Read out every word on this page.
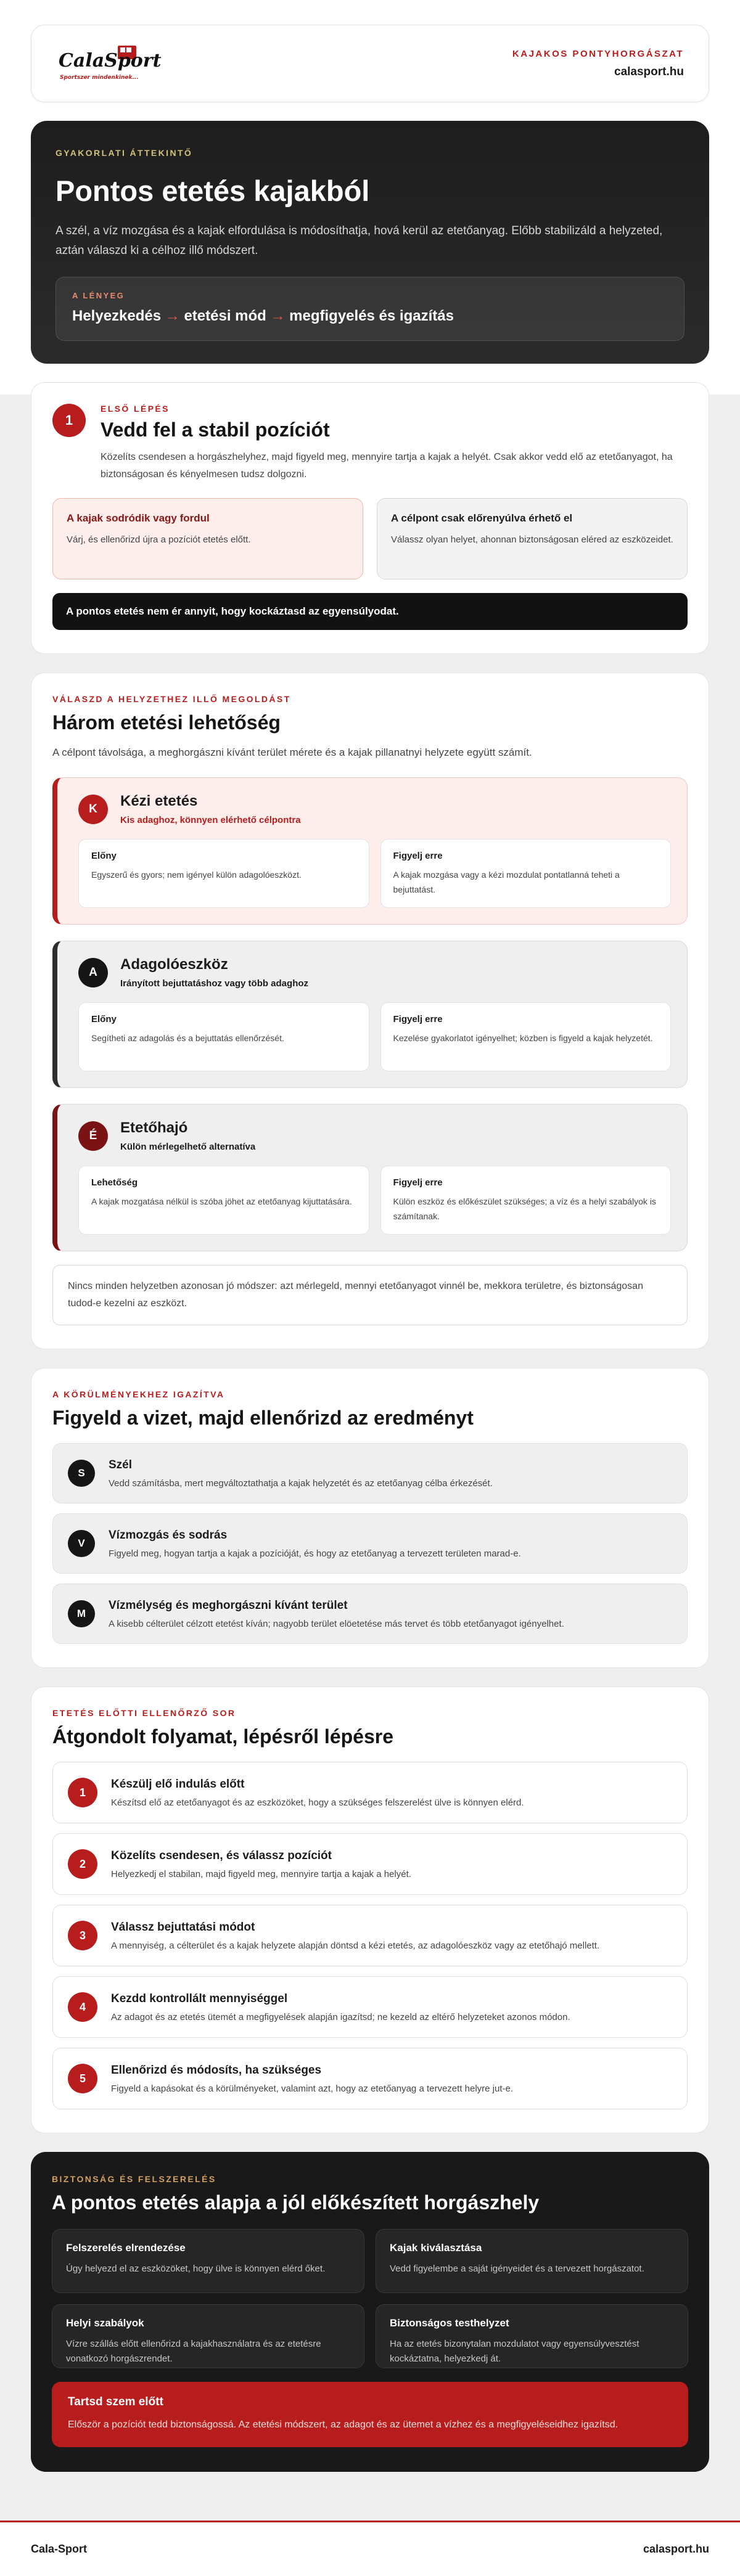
CalaSport
Sportszer mindenkinek...
KAJAKOS PONTYHORGÁSZAT
calasport.hu
GYAKORLATI ÁTTEKINTŐ
Pontos etetés kajakból

A szél, a víz mozgása és a kajak elfordulása is módosíthatja, hová kerül az etetőanyag. Előbb stabilizáld a helyzeted, aztán válaszd ki a célhoz illő módszert.

A LÉNYEG
Helyezkedés → etetési mód → megfigyelés és igazítás
1
ELSŐ LÉPÉS
Vedd fel a stabil pozíciót

Közelíts csendesen a horgászhelyhez, majd figyeld meg, mennyire tartja a kajak a helyét. Csak akkor vedd elő az etetőanyagot, ha biztonságosan és kényelmesen tudsz dolgozni.

A kajak sodródik vagy fordul

Várj, és ellenőrizd újra a pozíciót etetés előtt.

A célpont csak előrenyúlva érhető el

Válassz olyan helyet, ahonnan biztonságosan eléred az eszközeidet.

A pontos etetés nem ér annyit, hogy kockáztasd az egyensúlyodat.
VÁLASZD A HELYZETHEZ ILLŐ MEGOLDÁST
Három etetési lehetőség

A célpont távolsága, a meghorgászni kívánt terület mérete és a kajak pillanatnyi helyzete együtt számít.

K	Kézi etetés
Kis adaghoz, könnyen elérhető célpontra
Előny

Egyszerű és gyors; nem igényel külön adagolóeszközt.

Figyelj erre

A kajak mozgása vagy a kézi mozdulat pontatlanná teheti a bejuttatást.

A	Adagolóeszköz
Irányított bejuttatáshoz vagy több adaghoz
Előny

Segítheti az adagolás és a bejuttatás ellenőrzését.

Figyelj erre

Kezelése gyakorlatot igényelhet; közben is figyeld a kajak helyzetét.

É	Etetőhajó
Külön mérlegelhető alternatíva
Lehetőség

A kajak mozgatása nélkül is szóba jöhet az etetőanyag kijuttatására.

Figyelj erre

Külön eszköz és előkészület szükséges; a víz és a helyi szabályok is számítanak.

Nincs minden helyzetben azonosan jó módszer: azt mérlegeld, mennyi etetőanyagot vinnél be, mekkora területre, és biztonságosan tudod-e kezelni az eszközt.
A KÖRÜLMÉNYEKHEZ IGAZÍTVA
Figyeld a vizet, majd ellenőrizd az eredményt
S
Szél

Vedd számításba, mert megváltoztathatja a kajak helyzetét és az etetőanyag célba érkezését.

V
Vízmozgás és sodrás

Figyeld meg, hogyan tartja a kajak a pozícióját, és hogy az etetőanyag a tervezett területen marad-e.

M
Vízmélység és meghorgászni kívánt terület

A kisebb célterület célzott etetést kíván; nagyobb terület elöetetése más tervet és több etetőanyagot igényelhet.

ETETÉS ELŐTTI ELLENŐRZŐ SOR
Átgondolt folyamat, lépésről lépésre
1
Készülj elő indulás előtt

Készítsd elő az etetőanyagot és az eszközöket, hogy a szükséges felszerelést ülve is könnyen elérd.

2
Közelíts csendesen, és válassz pozíciót

Helyezkedj el stabilan, majd figyeld meg, mennyire tartja a kajak a helyét.

3
Válassz bejuttatási módot

A mennyiség, a célterület és a kajak helyzete alapján döntsd a kézi etetés, az adagolóeszköz vagy az etetőhajó mellett.

4
Kezdd kontrollált mennyiséggel

Az adagot és az etetés ütemét a megfigyelések alapján igazítsd; ne kezeld az eltérő helyzeteket azonos módon.

5
Ellenőrizd és módosíts, ha szükséges

Figyeld a kapásokat és a körülményeket, valamint azt, hogy az etetőanyag a tervezett helyre jut-e.

BIZTONSÁG ÉS FELSZERELÉS
A pontos etetés alapja a jól előkészített horgászhely
Felszerelés elrendezése

Úgy helyezd el az eszközöket, hogy ülve is könnyen elérd őket.

Kajak kiválasztása

Vedd figyelembe a saját igényeidet és a tervezett horgászatot.

Helyi szabályok

Vízre szállás előtt ellenőrizd a kajakhasználatra és az etetésre vonatkozó horgászrendet.

Biztonságos testhelyzet

Ha az etetés bizonytalan mozdulatot vagy egyensúlyvesztést kockáztatna, helyezkedj át.

Tartsd szem előtt

Először a pozíciót tedd biztonságossá. Az etetési módszert, az adagot és az ütemet a vízhez és a megfigyeléseidhez igazítsd.

Cala-Sport	calasport.hu
